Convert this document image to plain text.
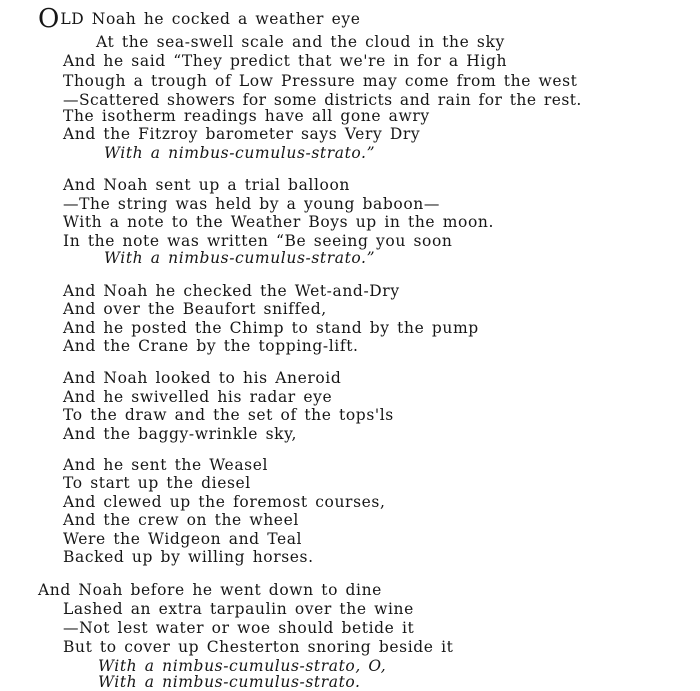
OLD Noah he cocked a weather eye
At the sea-swell scale and the cloud in the sky
And he said “They predict that we're in for a High
Though a trough of Low Pressure may come from the west
—Scattered showers for some districts and rain for the rest.
The isotherm readings have all gone awry
And the Fitzroy barometer says Very Dry
With a nimbus-cumulus-strato.”
And Noah sent up a trial balloon
—The string was held by a young baboon—
With a note to the Weather Boys up in the moon.
In the note was written “Be seeing you soon
With a nimbus-cumulus-strato.”
And Noah he checked the Wet-and-Dry
And over the Beaufort sniffed,
And he posted the Chimp to stand by the pump
And the Crane by the topping-lift.
And Noah looked to his Aneroid
And he swivelled his radar eye
To the draw and the set of the tops'ls
And the baggy-wrinkle sky,
And he sent the Weasel
To start up the diesel
And clewed up the foremost courses,
And the crew on the wheel
Were the Widgeon and Teal
Backed up by willing horses.
And Noah before he went down to dine
Lashed an extra tarpaulin over the wine
—Not lest water or woe should betide it
But to cover up Chesterton snoring beside it
With a nimbus-cumulus-strato, O,
With a nimbus-cumulus-strato.
